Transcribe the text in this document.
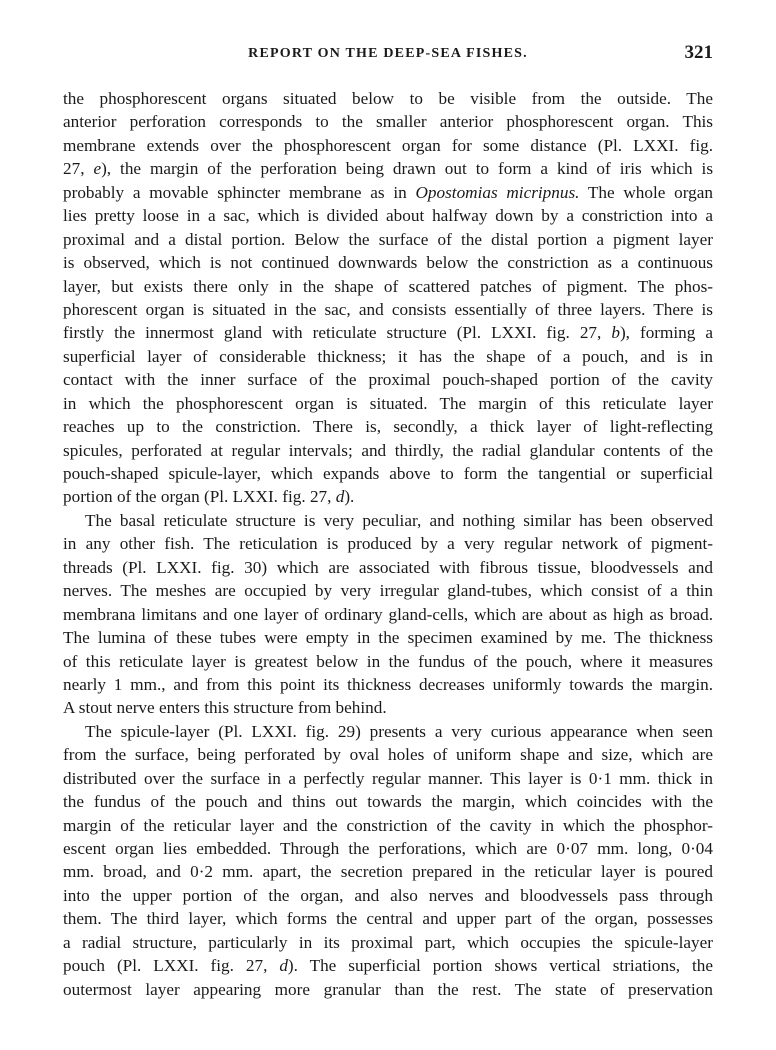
REPORT ON THE DEEP-SEA FISHES.	321
the phosphorescent organs situated below to be visible from the outside. The
anterior perforation corresponds to the smaller anterior phosphorescent organ. This
membrane extends over the phosphorescent organ for some distance (Pl. LXXI. fig.
27, e), the margin of the perforation being drawn out to form a kind of iris which is
probably a movable sphincter membrane as in Opostomias micripnus. The whole organ
lies pretty loose in a sac, which is divided about halfway down by a constriction into a
proximal and a distal portion. Below the surface of the distal portion a pigment layer
is observed, which is not continued downwards below the constriction as a continuous
layer, but exists there only in the shape of scattered patches of pigment. The phos-
phorescent organ is situated in the sac, and consists essentially of three layers. There is
firstly the innermost gland with reticulate structure (Pl. LXXI. fig. 27, b), forming a
superficial layer of considerable thickness; it has the shape of a pouch, and is in
contact with the inner surface of the proximal pouch-shaped portion of the cavity
in which the phosphorescent organ is situated. The margin of this reticulate layer
reaches up to the constriction. There is, secondly, a thick layer of light-reflecting
spicules, perforated at regular intervals; and thirdly, the radial glandular contents of the
pouch-shaped spicule-layer, which expands above to form the tangential or superficial
portion of the organ (Pl. LXXI. fig. 27, d).
The basal reticulate structure is very peculiar, and nothing similar has been observed
in any other fish. The reticulation is produced by a very regular network of pigment-
threads (Pl. LXXI. fig. 30) which are associated with fibrous tissue, bloodvessels and
nerves. The meshes are occupied by very irregular gland-tubes, which consist of a thin
membrana limitans and one layer of ordinary gland-cells, which are about as high as broad.
The lumina of these tubes were empty in the specimen examined by me. The thickness
of this reticulate layer is greatest below in the fundus of the pouch, where it measures
nearly 1 mm., and from this point its thickness decreases uniformly towards the margin.
A stout nerve enters this structure from behind.
The spicule-layer (Pl. LXXI. fig. 29) presents a very curious appearance when seen
from the surface, being perforated by oval holes of uniform shape and size, which are
distributed over the surface in a perfectly regular manner. This layer is 0·1 mm. thick in
the fundus of the pouch and thins out towards the margin, which coincides with the
margin of the reticular layer and the constriction of the cavity in which the phosphor-
escent organ lies embedded. Through the perforations, which are 0·07 mm. long, 0·04
mm. broad, and 0·2 mm. apart, the secretion prepared in the reticular layer is poured
into the upper portion of the organ, and also nerves and bloodvessels pass through
them. The third layer, which forms the central and upper part of the organ, possesses
a radial structure, particularly in its proximal part, which occupies the spicule-layer
pouch (Pl. LXXI. fig. 27, d). The superficial portion shows vertical striations, the
outermost layer appearing more granular than the rest. The state of preservation
